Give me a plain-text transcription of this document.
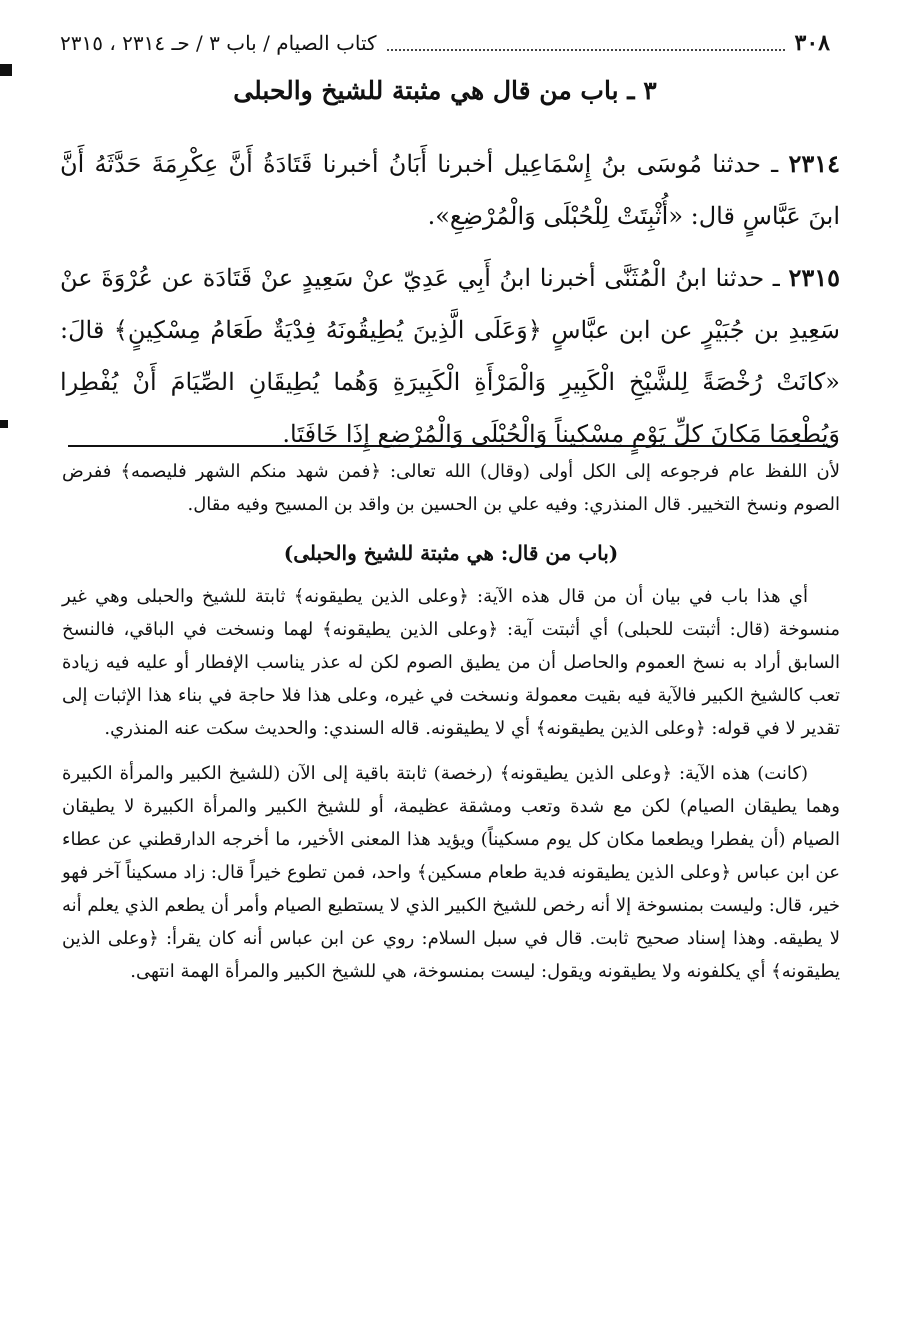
٣٠٨
كتاب الصيام / باب ٣ / حـ ٢٣١٤ ، ٢٣١٥
٣ ـ باب من قال هي مثبتة للشيخ والحبلى

٢٣١٤ ـ حدثنا مُوسَى بنُ إِسْمَاعِيل أخبرنا أَبَانُ أخبرنا قَتَادَةُ أَنَّ عِكْرِمَةَ حَدَّثَهُ أَنَّ ابنَ عَبَّاسٍ قال: «أُثْبِتَتْ لِلْحُبْلَى وَالْمُرْضِعِ».

٢٣١٥ ـ حدثنا ابنُ الْمُثَنَّى أخبرنا ابنُ أَبِي عَدِيّ عنْ سَعِيدٍ عنْ قَتَادَة عن عُرْوَةَ عنْ سَعِيدِ بن جُبَيْرٍ عن ابن عبَّاسٍ ﴿وَعَلَى الَّذِينَ يُطِيقُونَهُ فِدْيَةٌ طَعَامُ مِسْكِينٍ﴾ قالَ: «كانَتْ رُخْصَةً لِلشَّيْخِ الْكَبِيرِ وَالْمَرْأَةِ الْكَبِيرَةِ وَهُما يُطِيقَانِ الصِّيَامَ أَنْ يُفْطِرا وَيُطْعِمَا مَكانَ كلِّ يَوْمٍ مِسْكِيناً وَالْحُبْلَى وَالْمُرْضِع إِذَا خَافَتَا.

لأن اللفظ عام فرجوعه إلى الكل أولى (وقال) الله تعالى: ﴿فمن شهد منكم الشهر فليصمه﴾ ففرض الصوم ونسخ التخيير. قال المنذري: وفيه علي بن الحسين بن واقد بن المسيح وفيه مقال.

(باب من قال: هي مثبتة للشيخ والحبلى)

أي هذا باب في بيان أن من قال هذه الآية: ﴿وعلى الذين يطيقونه﴾ ثابتة للشيخ والحبلى وهي غير منسوخة (قال: أثبتت للحبلى) أي أثبتت آية: ﴿وعلى الذين يطيقونه﴾ لهما ونسخت في الباقي، فالنسخ السابق أراد به نسخ العموم والحاصل أن من يطيق الصوم لكن له عذر يناسب الإفطار أو عليه فيه زيادة تعب كالشيخ الكبير فالآية فيه بقيت معمولة ونسخت في غيره، وعلى هذا فلا حاجة في بناء هذا الإثبات إلى تقدير لا في قوله: ﴿وعلى الذين يطيقونه﴾ أي لا يطيقونه. قاله السندي: والحديث سكت عنه المنذري.

(كانت) هذه الآية: ﴿وعلى الذين يطيقونه﴾ (رخصة) ثابتة باقية إلى الآن (للشيخ الكبير والمرأة الكبيرة وهما يطيقان الصيام) لكن مع شدة وتعب ومشقة عظيمة، أو للشيخ الكبير والمرأة الكبيرة لا يطيقان الصيام (أن يفطرا ويطعما مكان كل يوم مسكيناً) ويؤيد هذا المعنى الأخير، ما أخرجه الدارقطني عن عطاء عن ابن عباس ﴿وعلى الذين يطيقونه فدية طعام مسكين﴾ واحد، فمن تطوع خيراً قال: زاد مسكيناً آخر فهو خير، قال: وليست بمنسوخة إلا أنه رخص للشيخ الكبير الذي لا يستطيع الصيام وأمر أن يطعم الذي يعلم أنه لا يطيقه. وهذا إسناد صحيح ثابت. قال في سبل السلام: روي عن ابن عباس أنه كان يقرأ: ﴿وعلى الذين يطيقونه﴾ أي يكلفونه ولا يطيقونه ويقول: ليست بمنسوخة، هي للشيخ الكبير والمرأة الهمة انتهى.
